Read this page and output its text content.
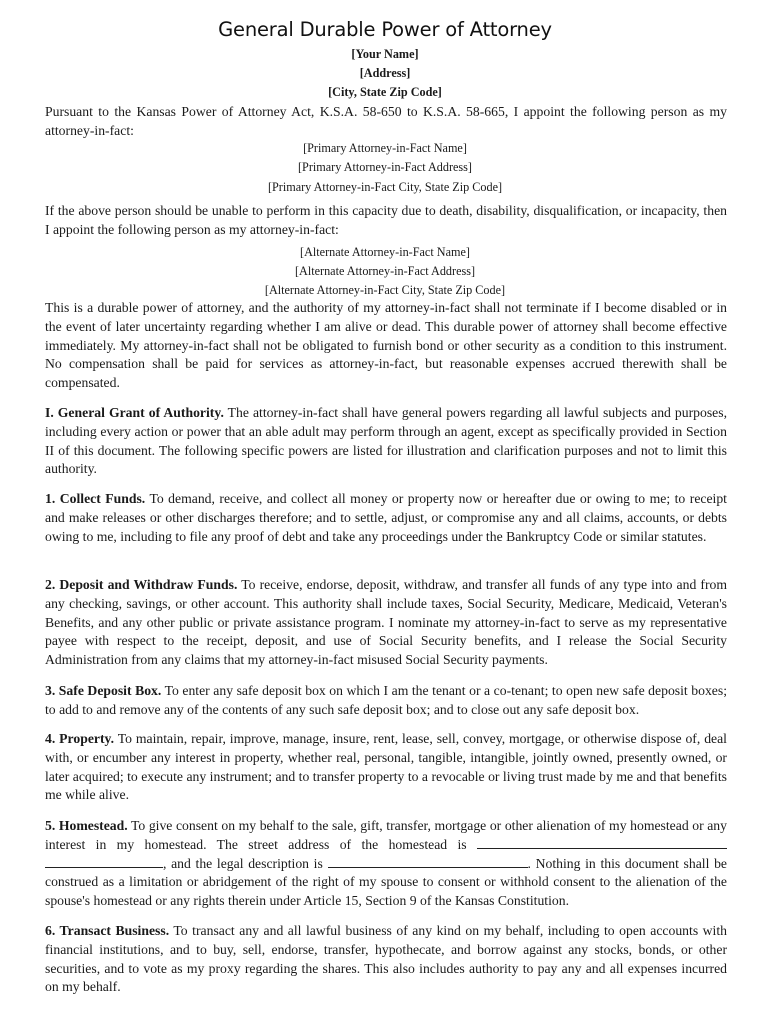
General Durable Power of Attorney
[Your Name]
[Address]
[City, State Zip Code]
Pursuant to the Kansas Power of Attorney Act, K.S.A. 58-650 to K.S.A. 58-665, I appoint the following person as my attorney-in-fact:
[Primary Attorney-in-Fact Name]
[Primary Attorney-in-Fact Address]
[Primary Attorney-in-Fact City, State Zip Code]
If the above person should be unable to perform in this capacity due to death, disability, disqualification, or incapacity, then I appoint the following person as my attorney-in-fact:
[Alternate Attorney-in-Fact Name]
[Alternate Attorney-in-Fact Address]
[Alternate Attorney-in-Fact City, State Zip Code]
This is a durable power of attorney, and the authority of my attorney-in-fact shall not terminate if I become disabled or in the event of later uncertainty regarding whether I am alive or dead. This durable power of attorney shall become effective immediately. My attorney-in-fact shall not be obligated to furnish bond or other security as a condition to this instrument. No compensation shall be paid for services as attorney-in-fact, but reasonable expenses accrued therewith shall be compensated.
I. General Grant of Authority. The attorney-in-fact shall have general powers regarding all lawful subjects and purposes, including every action or power that an able adult may perform through an agent, except as specifically provided in Section II of this document. The following specific powers are listed for illustration and clarification purposes and not to limit this authority.
1. Collect Funds. To demand, receive, and collect all money or property now or hereafter due or owing to me; to receipt and make releases or other discharges therefore; and to settle, adjust, or compromise any and all claims, accounts, or debts owing to me, including to file any proof of debt and take any proceedings under the Bankruptcy Code or similar statutes.
2. Deposit and Withdraw Funds. To receive, endorse, deposit, withdraw, and transfer all funds of any type into and from any checking, savings, or other account. This authority shall include taxes, Social Security, Medicare, Medicaid, Veteran's Benefits, and any other public or private assistance program. I nominate my attorney-in-fact to serve as my representative payee with respect to the receipt, deposit, and use of Social Security benefits, and I release the Social Security Administration from any claims that my attorney-in-fact misused Social Security payments.
3. Safe Deposit Box. To enter any safe deposit box on which I am the tenant or a co-tenant; to open new safe deposit boxes; to add to and remove any of the contents of any such safe deposit box; and to close out any safe deposit box.
4. Property. To maintain, repair, improve, manage, insure, rent, lease, sell, convey, mortgage, or otherwise dispose of, deal with, or encumber any interest in property, whether real, personal, tangible, intangible, jointly owned, presently owned, or later acquired; to execute any instrument; and to transfer property to a revocable or living trust made by me and that benefits me while alive.
5. Homestead. To give consent on my behalf to the sale, gift, transfer, mortgage or other alienation of my homestead or any interest in my homestead. The street address of the homestead is  , and the legal description is	. Nothing in this document shall be construed as a limitation or abridgement of the right of my spouse to consent or withhold consent to the alienation of the spouse's homestead or any rights therein under Article 15, Section 9 of the Kansas Constitution.
6. Transact Business. To transact any and all lawful business of any kind on my behalf, including to open accounts with financial institutions, and to buy, sell, endorse, transfer, hypothecate, and borrow against any stocks, bonds, or other securities, and to vote as my proxy regarding the shares. This also includes authority to pay any and all expenses incurred on my behalf.
